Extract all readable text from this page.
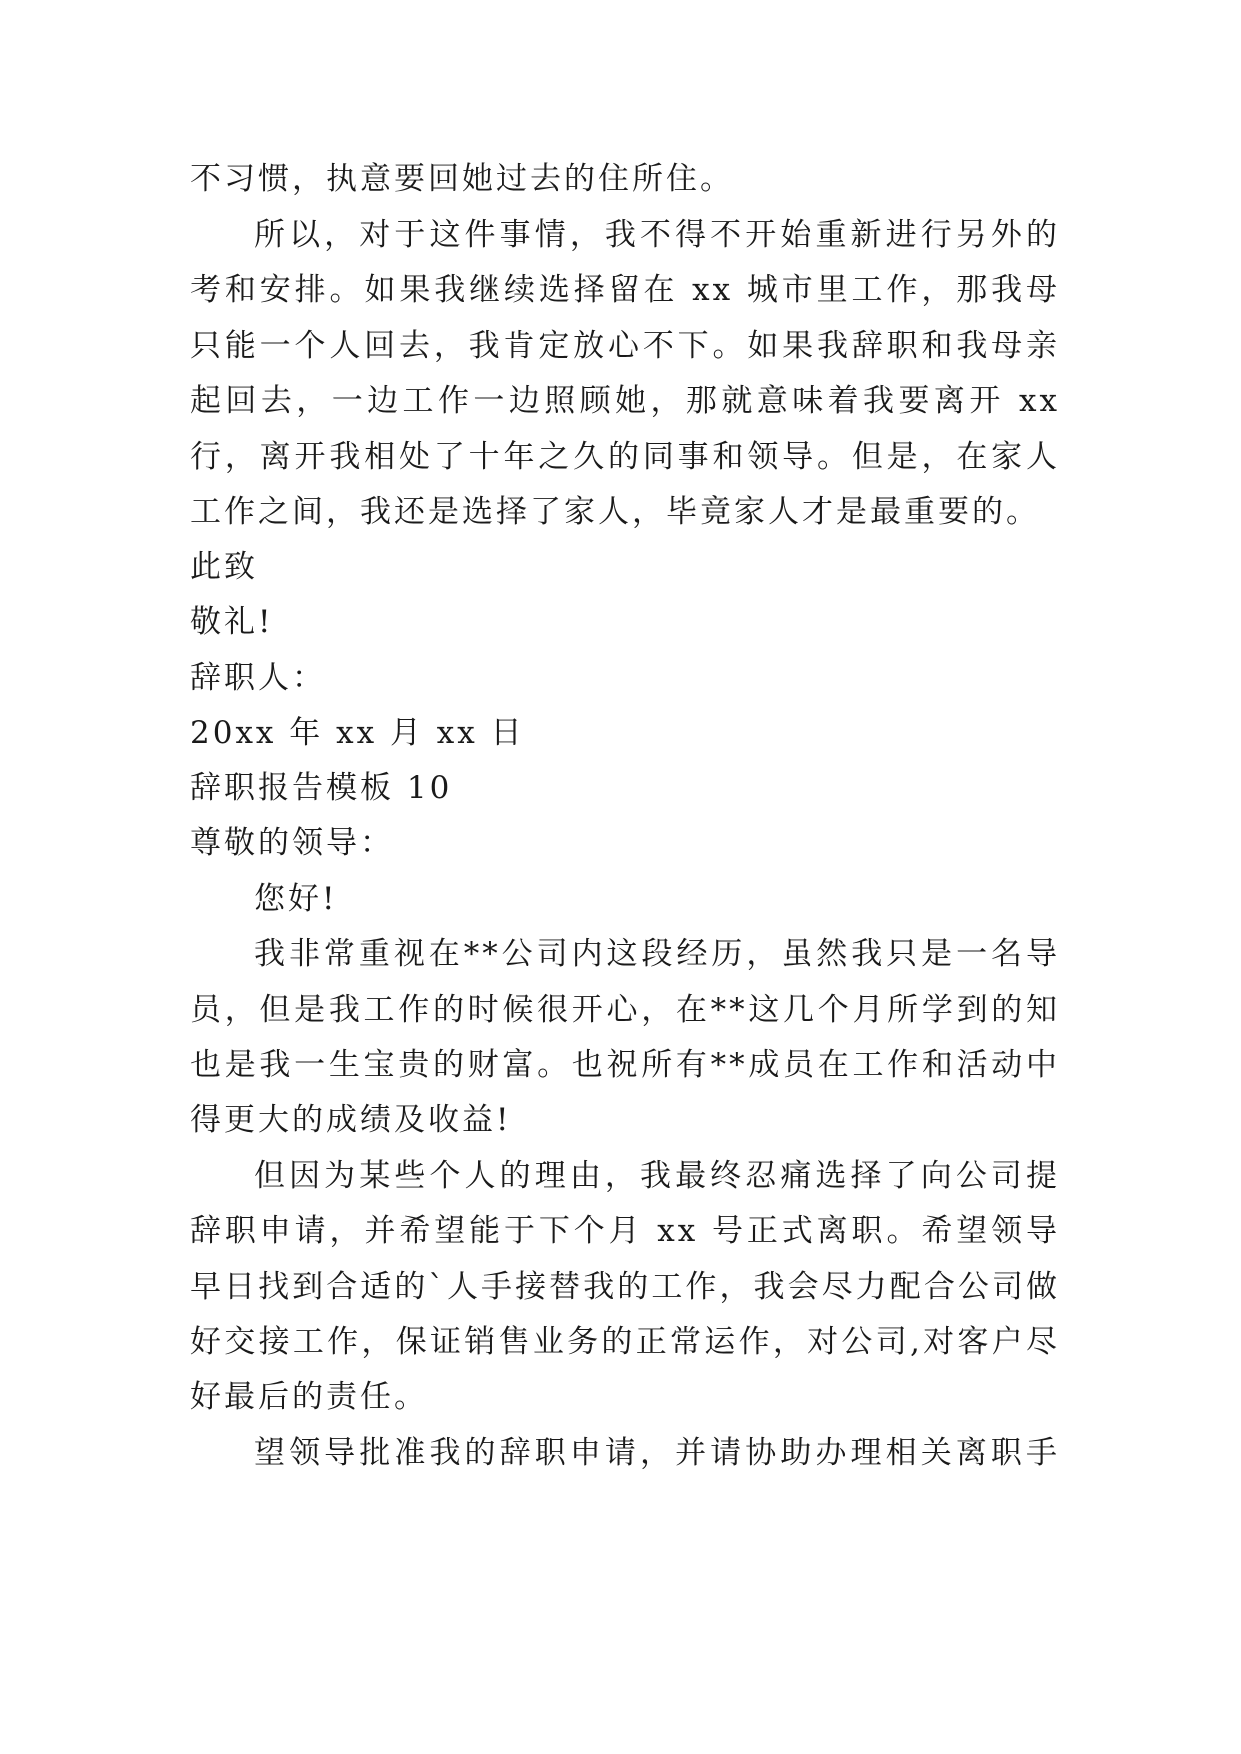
不习惯，执意要回她过去的住所住。
所以，对于这件事情，我不得不开始重新进行另外的
考和安排。如果我继续选择留在 xx 城市里工作，那我母
只能一个人回去，我肯定放心不下。如果我辞职和我母亲
起回去，一边工作一边照顾她，那就意味着我要离开 xx
行，离开我相处了十年之久的同事和领导。但是，在家人
工作之间，我还是选择了家人，毕竟家人才是最重要的。
此致
敬礼!
辞职人：
20xx 年 xx 月 xx 日
辞职报告模板 10
尊敬的领导：
您好!
我非常重视在**公司内这段经历，虽然我只是一名导
员，但是我工作的时候很开心，在**这几个月所学到的知
也是我一生宝贵的财富。也祝所有**成员在工作和活动中
得更大的成绩及收益!
但因为某些个人的理由，我最终忍痛选择了向公司提
辞职申请，并希望能于下个月 xx 号正式离职。希望领导
早日找到合适的`人手接替我的工作，我会尽力配合公司做
好交接工作，保证销售业务的正常运作，对公司,对客户尽
好最后的责任。
望领导批准我的辞职申请，并请协助办理相关离职手
